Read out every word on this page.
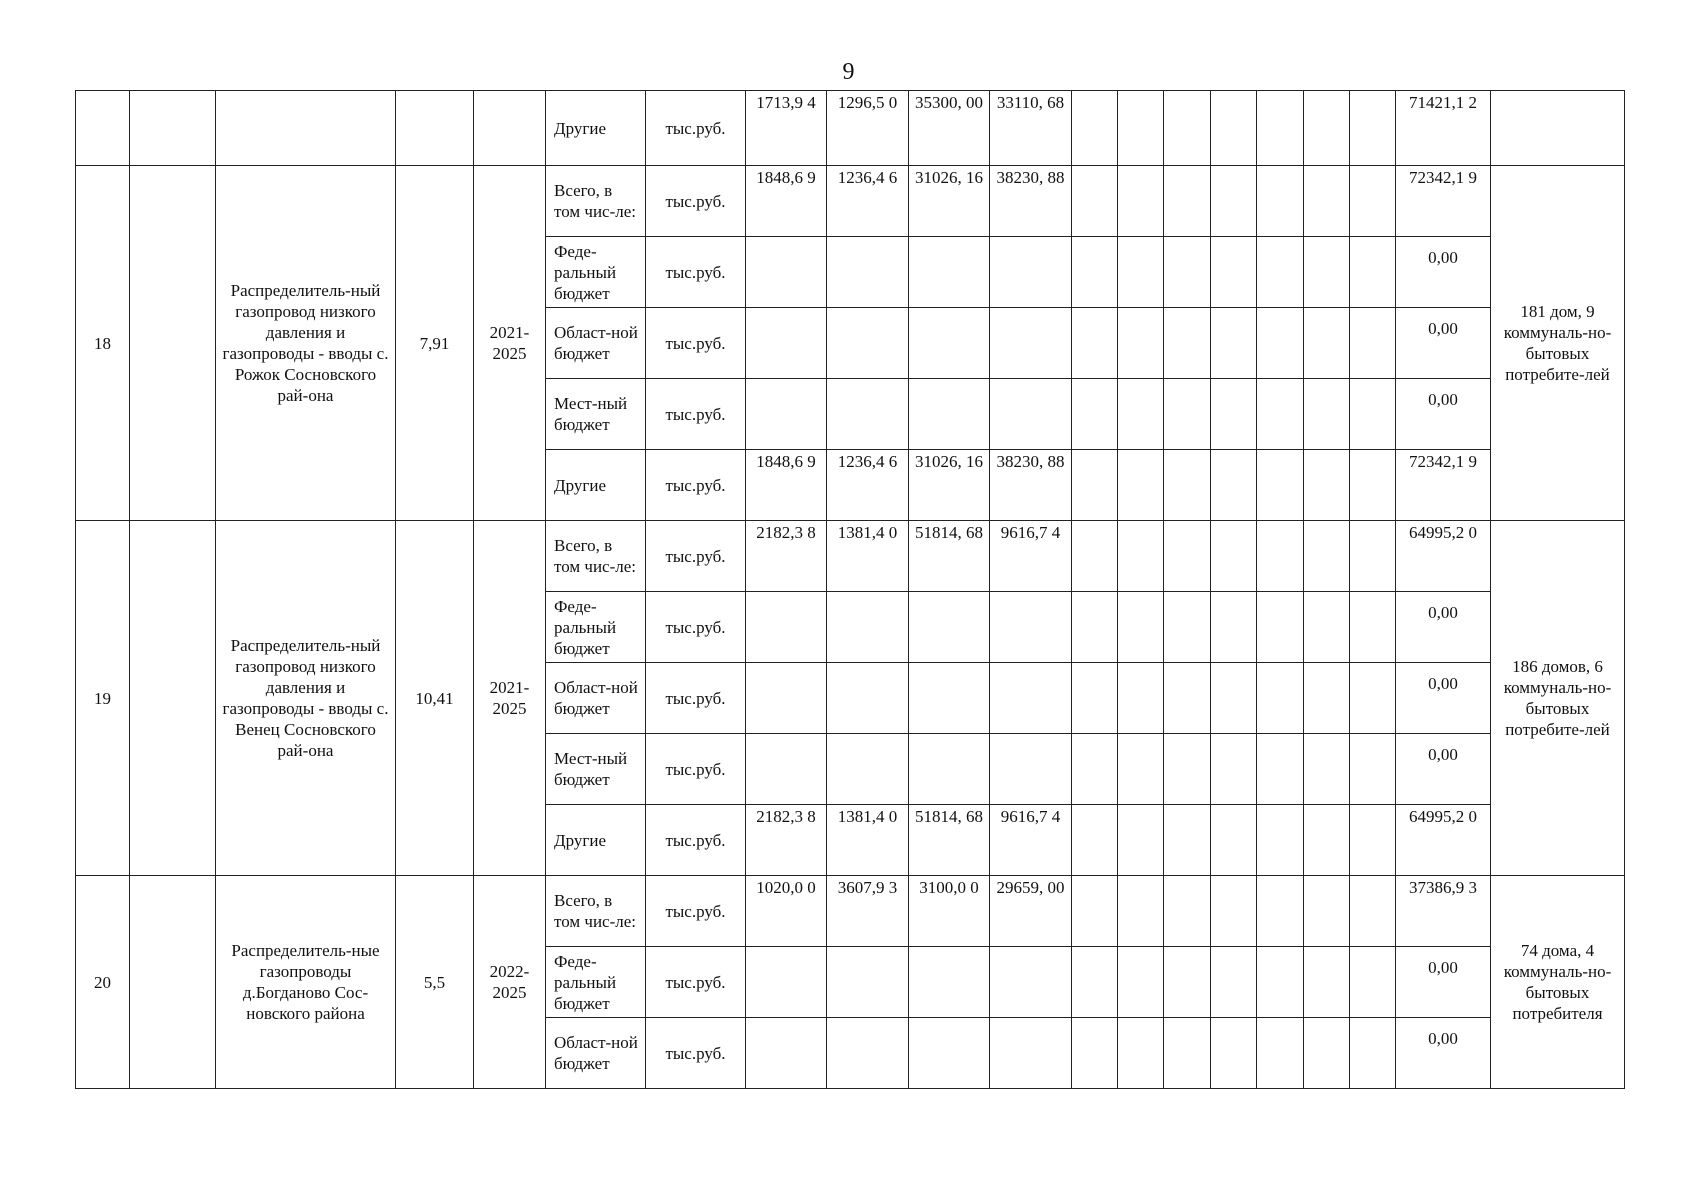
9
					Другие	тыс.руб.	1713,9 4	1296,5 0	35300, 00	33110, 68								71421,1 2	
18		Распределитель-ный газопровод низкого давления и газопроводы - вводы с. Рожок Сосновского рай-она	7,91	2021-2025	Всего, в том чис-ле:	тыс.руб.	1848,6 9	1236,4 6	31026, 16	38230, 88								72342,1 9	181 дом, 9 коммуналь-но-бытовых потребите-лей
					Феде-ральный бюджет	тыс.руб.												0,00	
					Област-ной бюджет	тыс.руб.												0,00	
					Мест-ный бюджет	тыс.руб.												0,00	
					Другие	тыс.руб.	1848,6 9	1236,4 6	31026, 16	38230, 88								72342,1 9	
19		Распределитель-ный газопровод низкого давления и газопроводы - вводы с. Венец Сосновского рай-она	10,41	2021-2025	Всего, в том чис-ле:	тыс.руб.	2182,3 8	1381,4 0	51814, 68	9616,7 4								64995,2 0	186 домов, 6 коммуналь-но-бытовых потребите-лей
					Феде-ральный бюджет	тыс.руб.												0,00	
					Област-ной бюджет	тыс.руб.												0,00	
					Мест-ный бюджет	тыс.руб.												0,00	
					Другие	тыс.руб.	2182,3 8	1381,4 0	51814, 68	9616,7 4								64995,2 0	
20		Распределитель-ные газопроводы д.Богданово Сос-новского района	5,5	2022-2025	Всего, в том чис-ле:	тыс.руб.	1020,0 0	3607,9 3	3100,0 0	29659, 00								37386,9 3	74 дома, 4 коммуналь-но-бытовых потребителя
					Феде-ральный бюджет	тыс.руб.												0,00	
					Област-ной бюджет	тыс.руб.												0,00	
